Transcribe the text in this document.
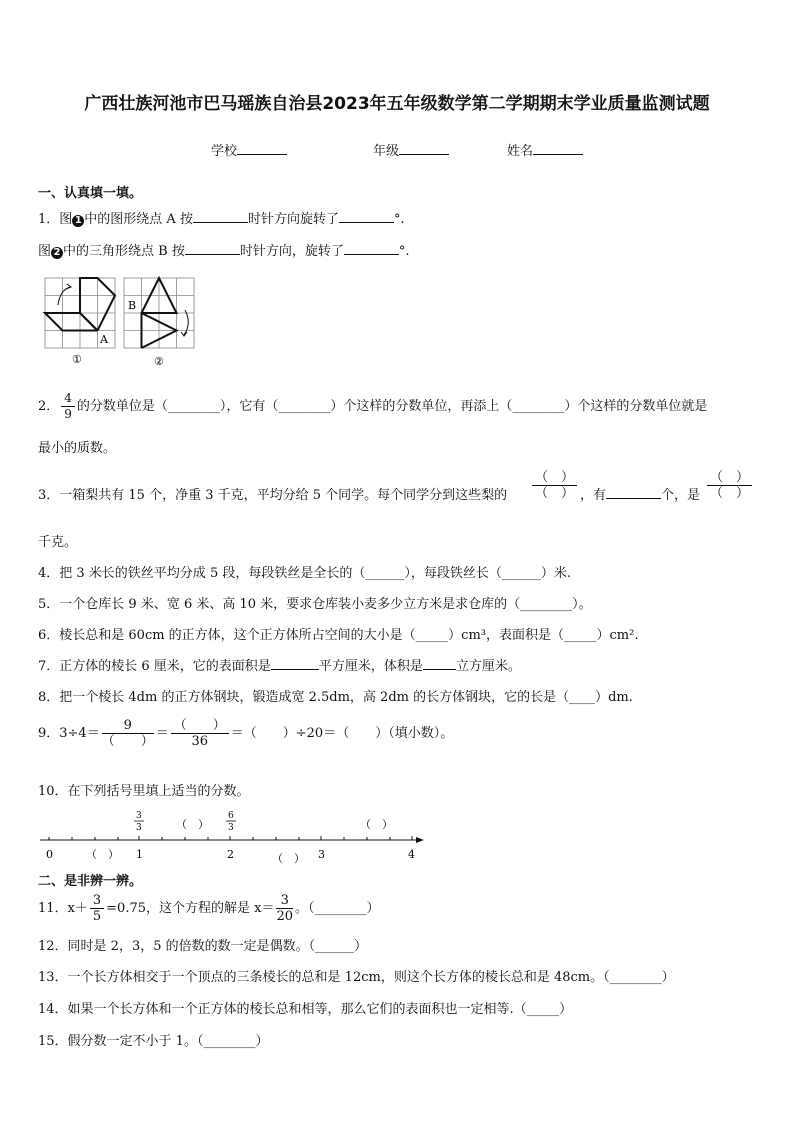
广西壮族河池市巴马瑶族自治县2023年五年级数学第二学期期末学业质量监测试题
学校	年级	姓名
一、认真填一填。
1．图 1 中的图形绕点 A 按	时针方向旋转了	°.
图 2 中的三角形绕点 B 按	时针方向，旋转了	°.
A
B
①	②
2． $\frac{4}{9}$ 的分数单位是（________），它有（________）个这样的分数单位，再添上（________）个这样的分数单位就是
最小的质数。
3．一箱梨共有 15 个，净重 3 千克，平均分给 5 个同学。每个同学分到这些梨的 $\frac{( )}{( )}$ ，有	个，是 $\frac{( )}{( )}$
千克。
4．把 3 米长的铁丝平均分成 5 段，每段铁丝是全长的（______），每段铁丝长（______）米.
5．一个仓库长 9 米、宽 6 米、高 10 米，要求仓库装小麦多少立方米是求仓库的（________）。
6．棱长总和是 60cm 的正方体，这个正方体所占空间的大小是（_____）cm³，表面积是（_____）cm².
7．正方体的棱长 6 厘米，它的表面积是	平方厘米，体积是	立方厘米。
8．把一个棱长 4dm 的正方体钢块，锻造成宽 2.5dm，高 2dm 的长方体钢块，它的长是（____）dm.
9．$3\div 4= \frac{9}{( )} = \frac{( )}{36}$ ＝（　　）÷20＝（　　）（填小数）。
10．在下列括号里填上适当的分数。
0	1	2	3	4
3
3
6
3
（　）	（　）
（　）	（　）
二、是非辨一辨。
11．$x+ \frac{3}{5} =0.75$，这个方程的解是 $x= \frac{3}{20}$ 。（________）
12．同时是 2，3，5 的倍数的数一定是偶数。（______）
13．一个长方体相交于一个顶点的三条棱长的总和是 12cm，则这个长方体的棱长总和是 48cm。（________）
14．如果一个长方体和一个正方体的棱长总和相等，那么它们的表面积也一定相等.（_____）
15．假分数一定不小于 1。（________）
